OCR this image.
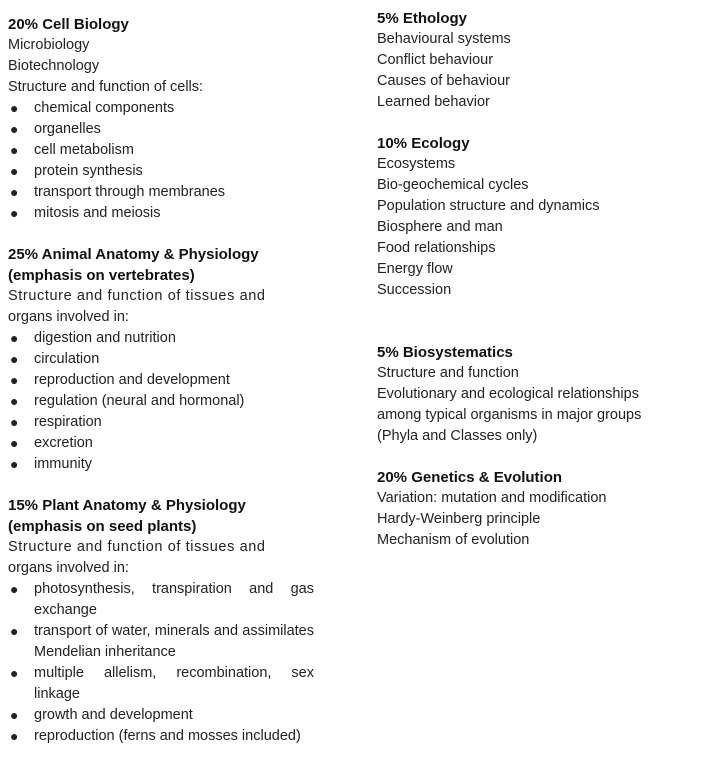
20% Cell Biology

Microbiology

Biotechnology

Structure and function of cells:

● chemical components
● organelles
● cell metabolism
● protein synthesis
● transport through membranes
● mitosis and meiosis

25% Animal Anatomy & Physiology

(emphasis on vertebrates)

Structure and function of tissues and

organs involved in:

● digestion and nutrition
● circulation
● reproduction and development
● regulation (neural and hormonal)
● respiration
● excretion
● immunity

15% Plant Anatomy & Physiology

(emphasis on seed plants)

Structure and function of tissues and

organs involved in:

● photosynthesis, transpiration and gas exchange
● transport of water, minerals and assimilates Mendelian inheritance
● multiple allelism, recombination, sex linkage
● growth and development
● reproduction (ferns and mosses included)

5% Ethology

Behavioural systems

Conflict behaviour

Causes of behaviour

Learned behavior

10% Ecology

Ecosystems

Bio-geochemical cycles

Population structure and dynamics

Biosphere and man

Food relationships

Energy flow

Succession

5% Biosystematics

Structure and function

Evolutionary and ecological relationships

among typical organisms in major groups

(Phyla and Classes only)

20% Genetics & Evolution

Variation: mutation and modification

Hardy-Weinberg principle

Mechanism of evolution
